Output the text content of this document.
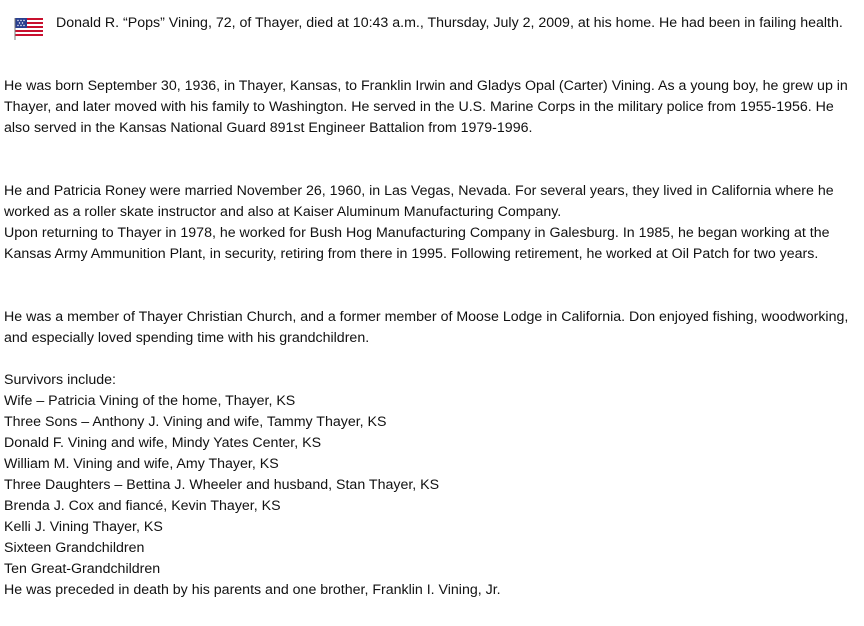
Donald R. “Pops” Vining, 72, of Thayer, died at 10:43 a.m., Thursday, July 2, 2009, at his home. He had been in failing health.

He was born September 30, 1936, in Thayer, Kansas, to Franklin Irwin and Gladys Opal (Carter) Vining. As a young boy, he grew up in Thayer, and later moved with his family to Washington. He served in the U.S. Marine Corps in the military police from 1955-1956. He also served in the Kansas National Guard 891st Engineer Battalion from 1979-1996.

He and Patricia Roney were married November 26, 1960, in Las Vegas, Nevada. For several years, they lived in California where he worked as a roller skate instructor and also at Kaiser Aluminum Manufacturing Company.

Upon returning to Thayer in 1978, he worked for Bush Hog Manufacturing Company in Galesburg. In 1985, he began working at the Kansas Army Ammunition Plant, in security, retiring from there in 1995. Following retirement, he worked at Oil Patch for two years.

He was a member of Thayer Christian Church, and a former member of Moose Lodge in California. Don enjoyed fishing, woodworking, and especially loved spending time with his grandchildren.

Survivors include:

Wife – Patricia Vining of the home, Thayer, KS

Three Sons – Anthony J. Vining and wife, Tammy Thayer, KS

Donald F. Vining and wife, Mindy Yates Center, KS

William M. Vining and wife, Amy Thayer, KS

Three Daughters – Bettina J. Wheeler and husband, Stan Thayer, KS

Brenda J. Cox and fiancé, Kevin Thayer, KS

Kelli J. Vining Thayer, KS

Sixteen Grandchildren

Ten Great-Grandchildren

He was preceded in death by his parents and one brother, Franklin I. Vining, Jr.
